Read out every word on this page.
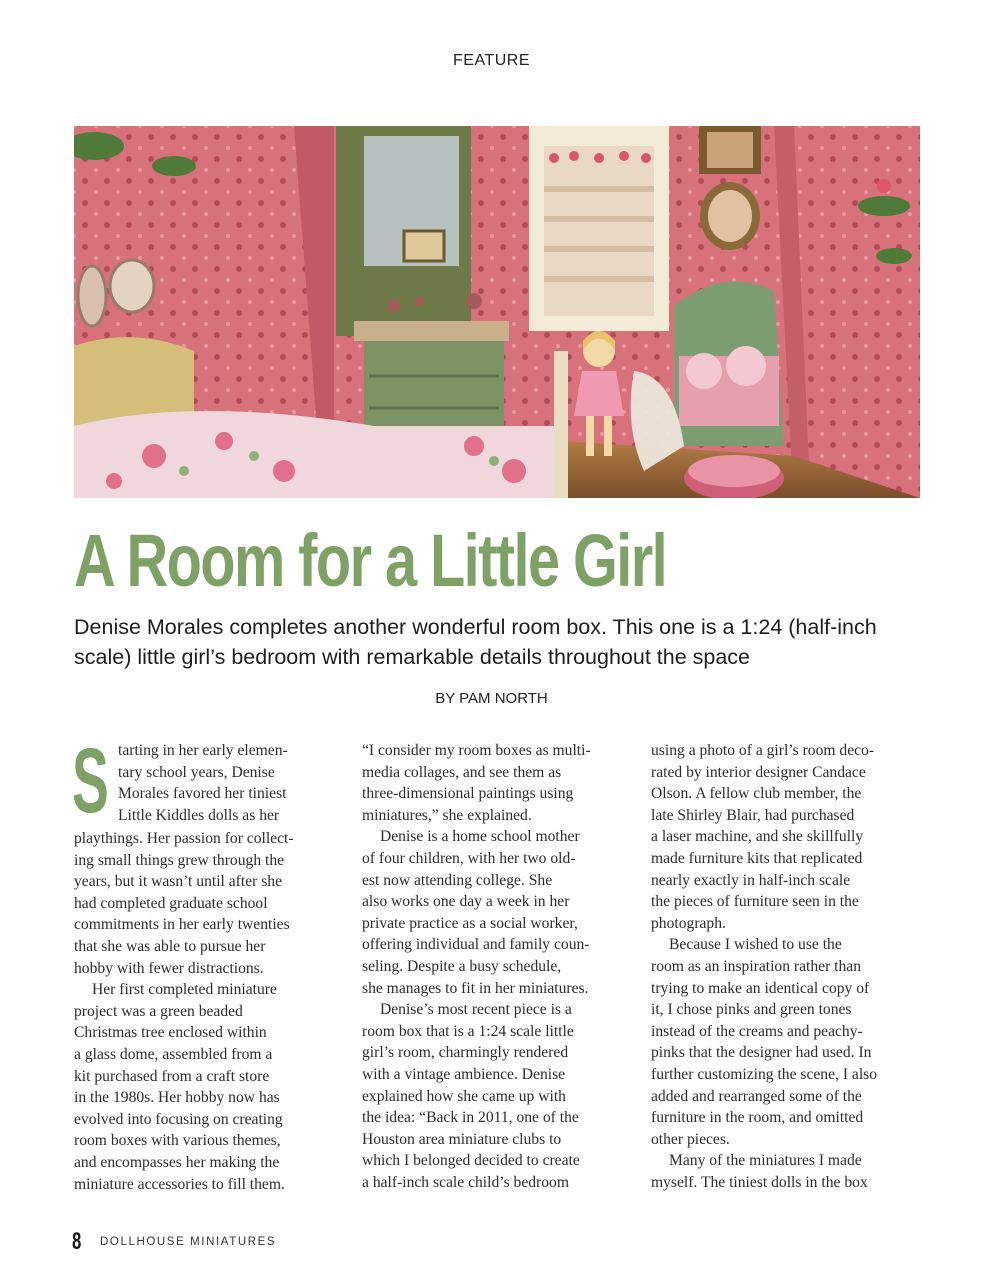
FEATURE
A Room for a Little Girl

Denise Morales completes another wonderful room box. This one is a 1:24 (half-inch scale) little girl’s bedroom with remarkable details throughout the space

BY PAM NORTH

S tarting in her early elemen-
tary school years, Denise
Morales favored her tiniest
Little Kiddles dolls as her
playthings. Her passion for collect-
ing small things grew through the
years, but it wasn’t until after she
had completed graduate school
commitments in her early twenties
that she was able to pursue her
hobby with fewer distractions.

Her first completed miniature
project was a green beaded
Christmas tree enclosed within
a glass dome, assembled from a
kit purchased from a craft store
in the 1980s. Her hobby now has
evolved into focusing on creating
room boxes with various themes,
and encompasses her making the
miniature accessories to fill them.

“I consider my room boxes as multi-
media collages, and see them as
three-dimensional paintings using
miniatures,” she explained.

Denise is a home school mother
of four children, with her two old-
est now attending college. She
also works one day a week in her
private practice as a social worker,
offering individual and family coun-
seling. Despite a busy schedule,
she manages to fit in her miniatures.

Denise’s most recent piece is a
room box that is a 1:24 scale little
girl’s room, charmingly rendered
with a vintage ambience. Denise
explained how she came up with
the idea: “Back in 2011, one of the
Houston area miniature clubs to
which I belonged decided to create
a half-inch scale child’s bedroom

using a photo of a girl’s room deco-
rated by interior designer Candace
Olson. A fellow club member, the
late Shirley Blair, had purchased
a laser machine, and she skillfully
made furniture kits that replicated
nearly exactly in half-inch scale
the pieces of furniture seen in the
photograph.

Because I wished to use the
room as an inspiration rather than
trying to make an identical copy of
it, I chose pinks and green tones
instead of the creams and peachy-
pinks that the designer had used. In
further customizing the scene, I also
added and rearranged some of the
furniture in the room, and omitted
other pieces.

Many of the miniatures I made
myself. The tiniest dolls in the box

8 DOLLHOUSE MINIATURES
